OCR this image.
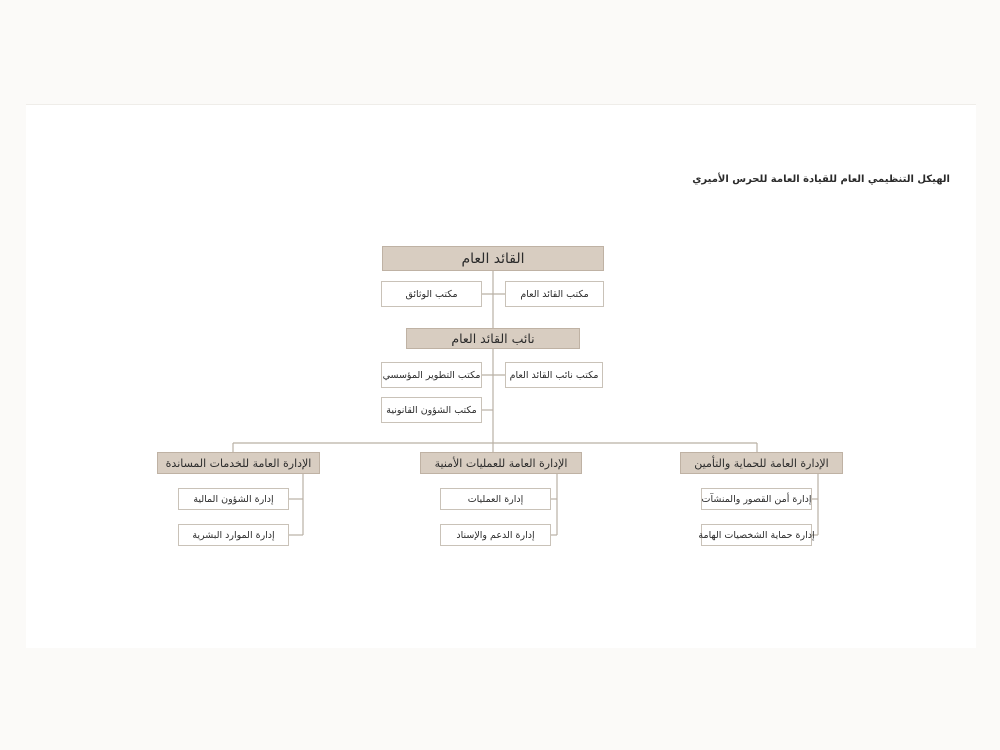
الهيكل التنظيمي العام للقيادة العامة للحرس الأميري
القائد العام
مكتب الوثائق	مكتب القائد العام
نائب القائد العام
مكتب التطوير المؤسسي	مكتب نائب القائد العام
مكتب الشؤون القانونية
الإدارة العامة للخدمات المساندة	الإدارة العامة للعمليات الأمنية	الإدارة العامة للحماية والتأمين
إدارة الشؤون المالية
إدارة الموارد البشرية
إدارة العمليات
إدارة الدعم والإسناد
إدارة أمن القصور والمنشآت
إدارة حماية الشخصيات الهامة
